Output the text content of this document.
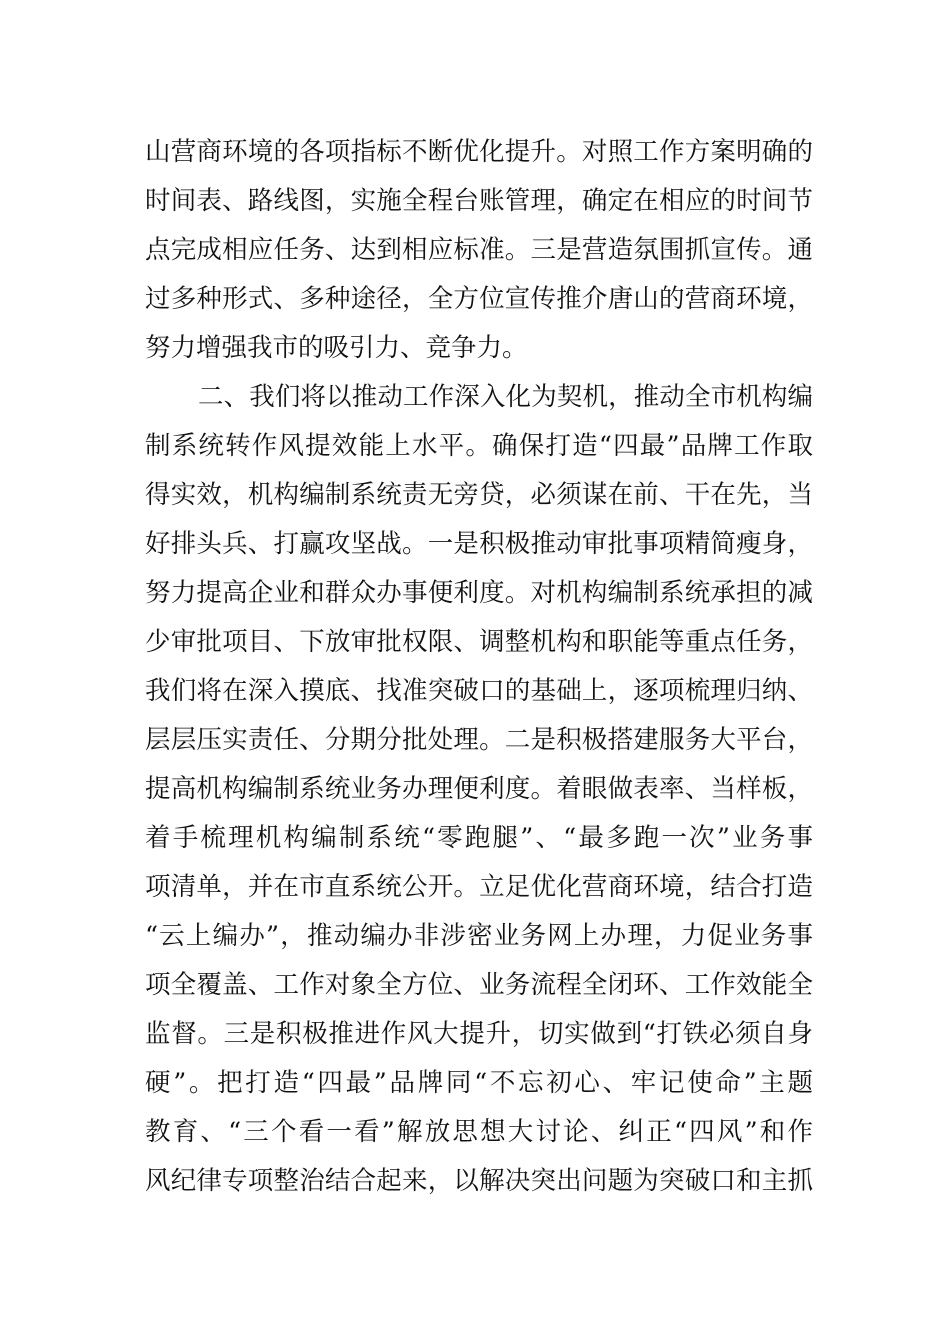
山营商环境的各项指标不断优化提升。对照工作方案明确的
时间表、路线图，实施全程台账管理，确定在相应的时间节
点完成相应任务、达到相应标准。三是营造氛围抓宣传。通
过多种形式、多种途径，全方位宣传推介唐山的营商环境，
努力增强我市的吸引力、竞争力。
二、我们将以推动工作深入化为契机，推动全市机构编
制系统转作风提效能上水平。确保打造“四最”品牌工作取
得实效，机构编制系统责无旁贷，必须谋在前、干在先，当
好排头兵、打赢攻坚战。一是积极推动审批事项精简瘦身，
努力提高企业和群众办事便利度。对机构编制系统承担的减
少审批项目、下放审批权限、调整机构和职能等重点任务，
我们将在深入摸底、找准突破口的基础上，逐项梳理归纳、
层层压实责任、分期分批处理。二是积极搭建服务大平台，
提高机构编制系统业务办理便利度。着眼做表率、当样板，
着手梳理机构编制系统“零跑腿”、“最多跑一次”业务事
项清单，并在市直系统公开。立足优化营商环境，结合打造
“云上编办”，推动编办非涉密业务网上办理，力促业务事
项全覆盖、工作对象全方位、业务流程全闭环、工作效能全
监督。三是积极推进作风大提升，切实做到“打铁必须自身
硬”。把打造“四最”品牌同“不忘初心、牢记使命”主题
教育、“三个看一看”解放思想大讨论、纠正“四风”和作
风纪律专项整治结合起来，以解决突出问题为突破口和主抓
